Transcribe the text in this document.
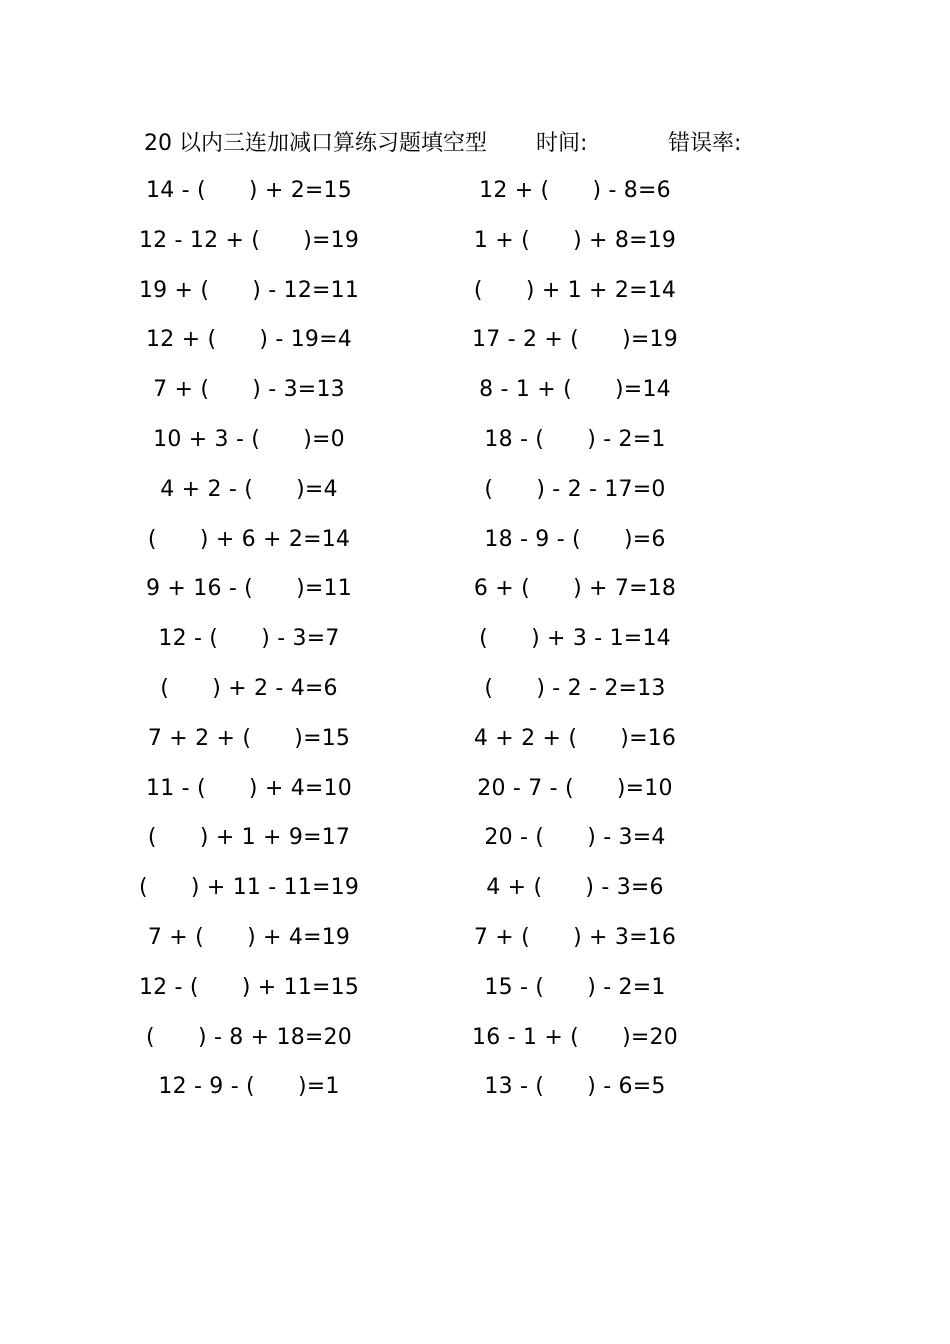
20 以内三连加减口算练习题填空型 时间:	错误率:
14 - (      ) + 2=15
12 - 12 + (      )=19
19 + (      ) - 12=11
12 + (      ) - 19=4
7 + (      ) - 3=13
10 + 3 - (      )=0
4 + 2 - (      )=4
(      ) + 6 + 2=14
9 + 16 - (      )=11
12 - (      ) - 3=7
(      ) + 2 - 4=6
7 + 2 + (      )=15
11 - (      ) + 4=10
(      ) + 1 + 9=17
(      ) + 11 - 11=19
7 + (      ) + 4=19
12 - (      ) + 11=15
(      ) - 8 + 18=20
12 - 9 - (      )=1
12 + (      ) - 8=6
1 + (      ) + 8=19
(      ) + 1 + 2=14
17 - 2 + (      )=19
8 - 1 + (      )=14
18 - (      ) - 2=1
(      ) - 2 - 17=0
18 - 9 - (      )=6
6 + (      ) + 7=18
(      ) + 3 - 1=14
(      ) - 2 - 2=13
4 + 2 + (      )=16
20 - 7 - (      )=10
20 - (      ) - 3=4
4 + (      ) - 3=6
7 + (      ) + 3=16
15 - (      ) - 2=1
16 - 1 + (      )=20
13 - (      ) - 6=5
